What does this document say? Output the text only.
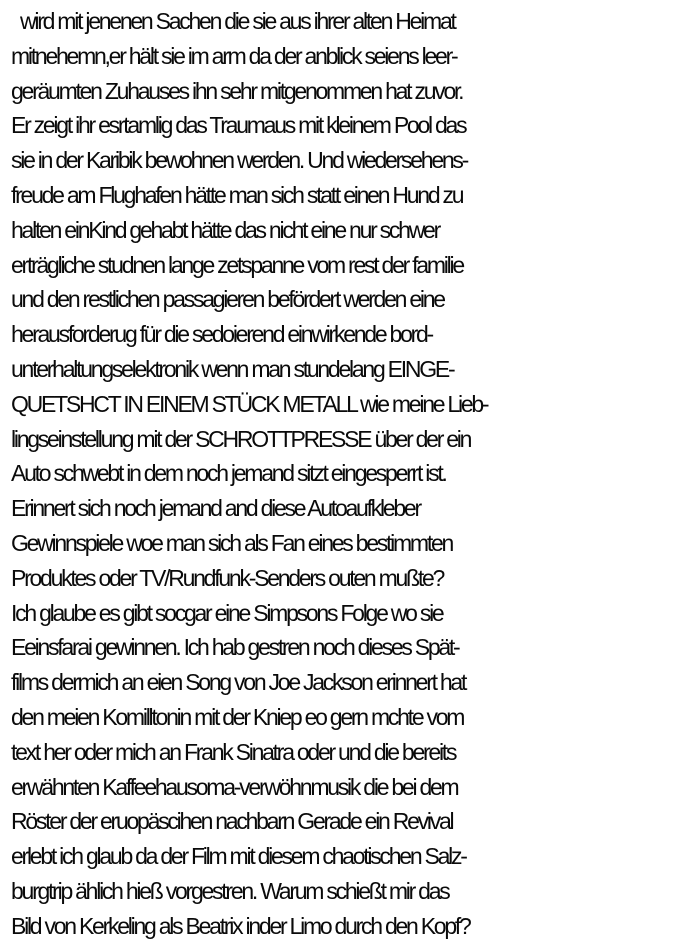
wird mit jenenen Sachen die sie aus ihrer alten Heimat
mitnehemn,er hält sie im arm da der anblick seiens leer-
geräumten Zuhauses ihn sehr mitgenommen hat zuvor.
Er zeigt ihr esrtamlig das Traumaus mit kleinem Pool das
sie in der Karibik bewohnen werden. Und wiedersehens-
freude am Flughafen hätte man sich statt einen Hund zu
halten einKind gehabt hätte das nicht eine nur schwer
erträgliche studnen lange zetspanne vom rest der familie
und den restlichen passagieren befördert werden eine
herausforderug für die sedoierend einwirkende bord-
unterhaltungselektronik wenn man stundelang EINGE-
QUETSHCT IN EINEM STÜCK METALL wie meine Lieb-
lingseinstellung mit der SCHROTTPRESSE über der ein
Auto schwebt in dem noch jemand sitzt eingesperrt ist.
Erinnert sich noch jemand and diese Autoaufkleber
Gewinnspiele woe man sich als Fan eines bestimmten
Produktes oder TV/Rundfunk-Senders outen mußte?
Ich glaube es gibt socgar eine Simpsons Folge wo sie
Eeinsfarai gewinnen. Ich hab gestren noch dieses Spät-
films dermich an eien Song von Joe Jackson erinnert hat
den meien Komilltonin mit der Kniep eo gern mchte vom
text her oder mich an Frank Sinatra oder und die bereits
erwähnten Kaffeehausoma-verwöhnmusik die bei dem
Röster der eruopäscihen nachbarn Gerade ein Revival
erlebt ich glaub da der Film mit diesem chaotischen Salz-
burgtrip ählich hieß vorgestren. Warum schießt mir das
Bild von Kerkeling als Beatrix inder Limo durch den Kopf?
